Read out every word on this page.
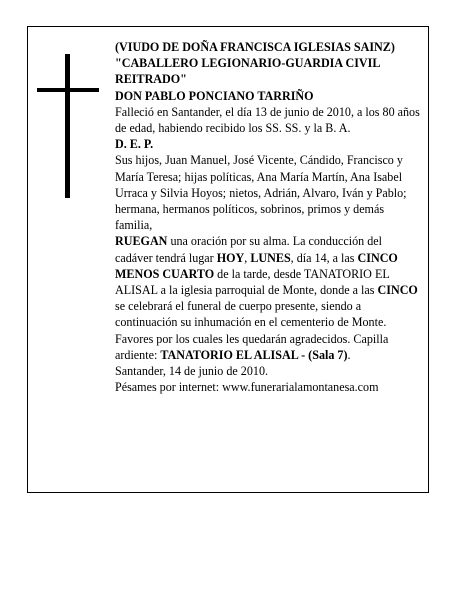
(VIUDO DE DOÑA FRANCISCA IGLESIAS SAINZ) "CABALLERO LEGIONARIO-GUARDIA CIVIL REITRADO"
DON PABLO PONCIANO TARRIÑO

Falleció en Santander, el día 13 de junio de 2010, a los 80 años

de edad, habiendo recibido los SS. SS. y la B. A.

D. E. P.

Sus hijos, Juan Manuel, José Vicente, Cándido, Francisco y María Teresa; hijas políticas, Ana María Martín, Ana Isabel Urraca y Silvia Hoyos; nietos, Adrián, Alvaro, Iván y Pablo; hermana, hermanos políticos, sobrinos, primos y demás familia,

RUEGAN una oración por su alma. La conducción del cadáver tendrá lugar HOY, LUNES, día 14, a las CINCO MENOS CUARTO de la tarde, desde TANATORIO EL ALISAL a la iglesia parroquial de Monte, donde a las CINCO se celebrará el funeral de cuerpo presente, siendo a continuación su inhumación en el cementerio de Monte. Favores por los cuales les quedarán agradecidos. Capilla ardiente: TANATORIO EL ALISAL - (Sala 7).

Santander, 14 de junio de 2010.

Pésames por internet: www.funerarialamontanesa.com
